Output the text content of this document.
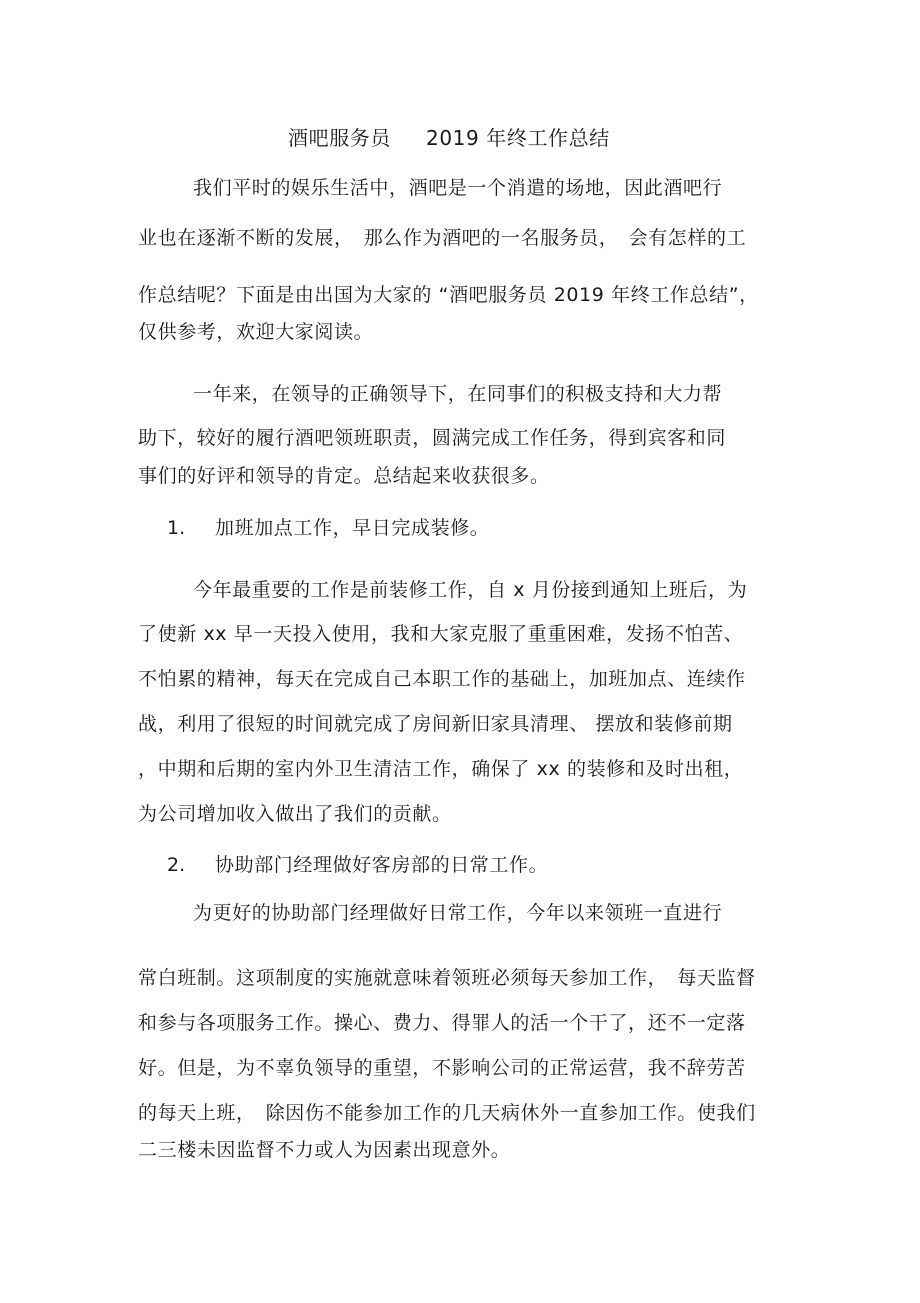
酒吧服务员 2019 年终工作总结
我们平时的娱乐生活中，酒吧是一个消遣的场地，因此酒吧行
业也在逐渐不断的发展，　那么作为酒吧的一名服务员，　会有怎样的工
作总结呢？下面是由出国为大家的 “酒吧服务员 2019 年终工作总结”，
仅供参考，欢迎大家阅读。
一年来，在领导的正确领导下，在同事们的积极支持和大力帮
助下，较好的履行酒吧领班职责，圆满完成工作任务，得到宾客和同
事们的好评和领导的肯定。总结起来收获很多。
1. 加班加点工作，早日完成装修。
今年最重要的工作是前装修工作，自 x 月份接到通知上班后，为
了使新 xx 早一天投入使用，我和大家克服了重重困难，发扬不怕苦、
不怕累的精神，每天在完成自己本职工作的基础上，加班加点、连续作
战，利用了很短的时间就完成了房间新旧家具清理、 摆放和装修前期
，中期和后期的室内外卫生清洁工作，确保了 xx 的装修和及时出租，
为公司增加收入做出了我们的贡献。
2. 协助部门经理做好客房部的日常工作。
为更好的协助部门经理做好日常工作，今年以来领班一直进行
常白班制。这项制度的实施就意味着领班必须每天参加工作，　每天监督
和参与各项服务工作。操心、费力、得罪人的活一个干了，还不一定落
好。但是，为不辜负领导的重望，不影响公司的正常运营，我不辞劳苦
的每天上班，　除因伤不能参加工作的几天病休外一直参加工作。使我们
二三楼未因监督不力或人为因素出现意外。
